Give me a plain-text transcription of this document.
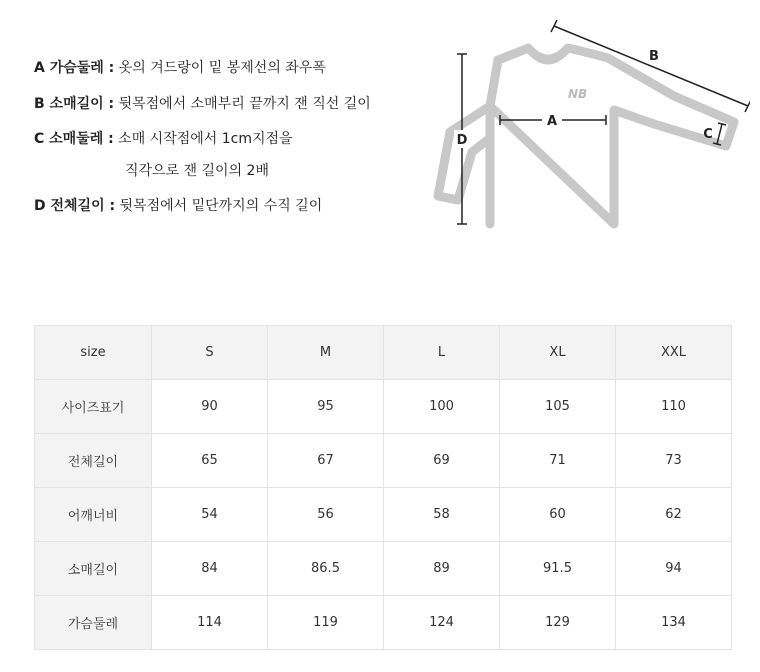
A 가슴둘레 : 옷의 겨드랑이 밑 봉제선의 좌우폭
B 소매길이 : 뒷목점에서 소매부리 끝까지 잰 직선 길이
C 소매둘레 : 소매 시작점에서 1cm지점을
직각으로 잰 길이의 2배
D 전체길이 : 뒷목점에서 밑단까지의 수직 길이
NB
A
B
C
D
size	S	M	L	XL	XXL
사이즈표기	90	95	100	105	110
전체길이	65	67	69	71	73
어깨너비	54	56	58	60	62
소매길이	84	86.5	89	91.5	94
가슴둘레	114	119	124	129	134
